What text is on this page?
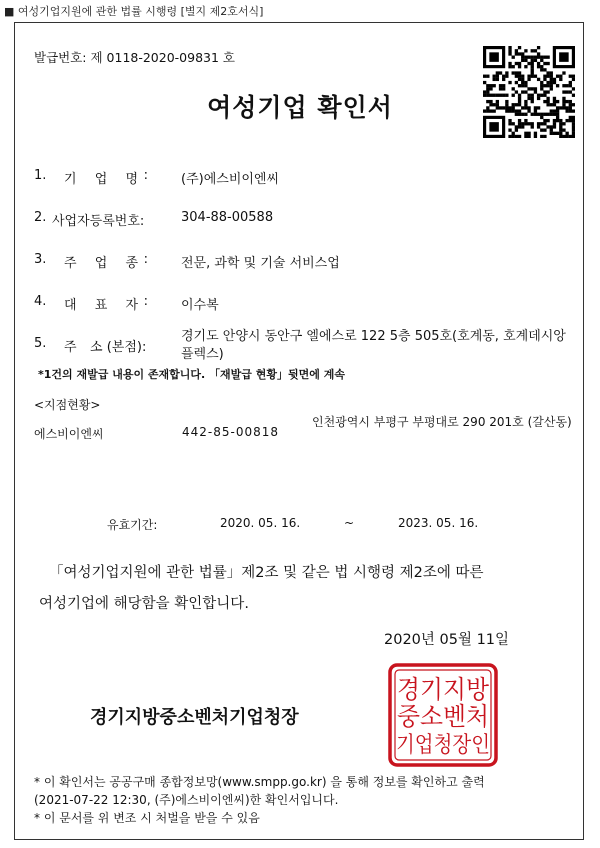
■ 여성기업지원에 관한 법률 시행령 [별지 제2호서식]
발급번호: 제 0118-2020-09831 호
여성기업 확인서
1. 기 업 명 :	(주)에스비이엔씨
2. 사업자등록번호:	304-88-00588
3. 주 업 종 :	전문, 과학 및 기술 서비스업
4. 대 표 자 :	이수복
5. 주 소 (본점):
경기도 안양시 동안구 엘에스로 122 5층 505호(호계동, 호계데시앙
플렉스)
*1건의 재발급 내용이 존재합니다. 「재발급 현황」뒷면에 계속
<지점현황>
에스비이엔씨	442-85-00818
인천광역시 부평구 부평대로 290 201호 (갈산동)
유효기간:	2020. 05. 16.	~	2023. 05. 16.
「여성기업지원에 관한 법률」제2조 및 같은 법 시행령 제2조에 따른
여성기업에 해당함을 확인합니다.
2020년 05월 11일
경기지방중소벤처기업청장
경기지방
중소벤처
기업청장인
* 이 확인서는 공공구매 종합정보망(www.smpp.go.kr) 을 통해 정보를 확인하고 출력
(2021-07-22 12:30, (주)에스비이엔씨)한 확인서입니다.
* 이 문서를 위 변조 시 처벌을 받을 수 있음
